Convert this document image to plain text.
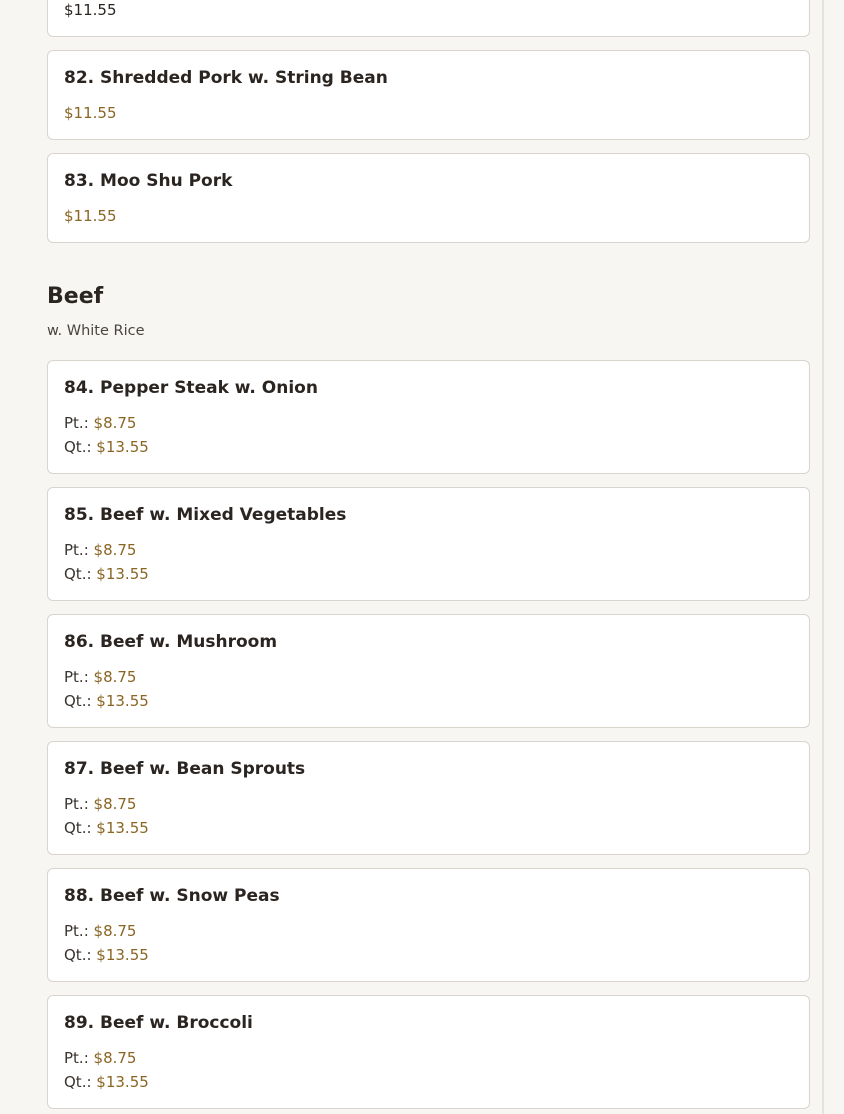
$11.55
82. Shredded Pork w. String Bean
$11.55
83. Moo Shu Pork
$11.55
Beef
w. White Rice
84. Pepper Steak w. Onion
Pt.: $8.75
Qt.: $13.55
85. Beef w. Mixed Vegetables
Pt.: $8.75
Qt.: $13.55
86. Beef w. Mushroom
Pt.: $8.75
Qt.: $13.55
87. Beef w. Bean Sprouts
Pt.: $8.75
Qt.: $13.55
88. Beef w. Snow Peas
Pt.: $8.75
Qt.: $13.55
89. Beef w. Broccoli
Pt.: $8.75
Qt.: $13.55
